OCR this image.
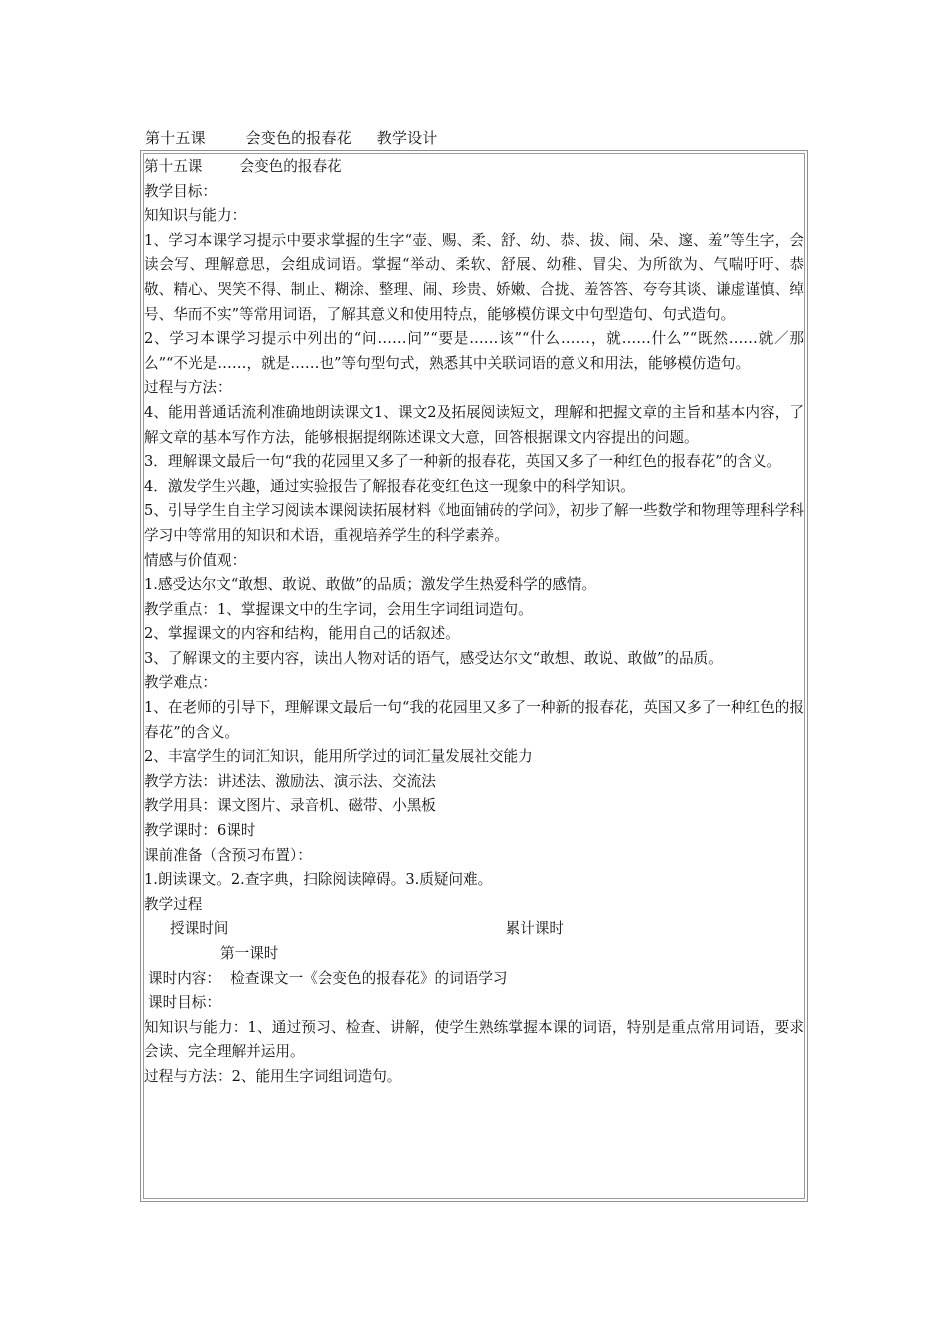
第十五课        会变色的报春花     教学设计

第十五课        会变色的报春花

教学目标：

知知识与能力：

1、学习本课学习提示中要求掌握的生字“壶、赐、柔、舒、幼、恭、拔、闹、朵、邃、羞”等生字，会读会写、理解意思，会组成词语。掌握“举动、柔软、舒展、幼稚、冒尖、为所欲为、气喘吁吁、恭敬、精心、哭笑不得、制止、糊涂、整理、闹、珍贵、娇嫩、合拢、羞答答、夸夸其谈、谦虚谨慎、绰号、华而不实”等常用词语，了解其意义和使用特点，能够模仿课文中句型造句、句式造句。

2、学习本课学习提示中列出的“问……问”“要是……该”“什么……，就……什么”“既然……就／那么”“不光是……，就是……也”等句型句式，熟悉其中关联词语的意义和用法，能够模仿造句。

过程与方法：

4、能用普通话流利准确地朗读课文1、课文2及拓展阅读短文，理解和把握文章的主旨和基本内容，了解文章的基本写作方法，能够根据提纲陈述课文大意，回答根据课文内容提出的问题。

3．理解课文最后一句“我的花园里又多了一种新的报春花，英国又多了一种红色的报春花”的含义。

4．激发学生兴趣，通过实验报告了解报春花变红色这一现象中的科学知识。

5、引导学生自主学习阅读本课阅读拓展材料《地面铺砖的学问》，初步了解一些数学和物理等理科学科学习中等常用的知识和术语，重视培养学生的科学素养。

情感与价值观：

1.感受达尔文“敢想、敢说、敢做”的品质；激发学生热爱科学的感情。

教学重点：1、掌握课文中的生字词，会用生字词组词造句。

2、掌握课文的内容和结构，能用自己的话叙述。

3、了解课文的主要内容，读出人物对话的语气，感受达尔文“敢想、敢说、敢做”的品质。

教学难点：

1、在老师的引导下，理解课文最后一句“我的花园里又多了一种新的报春花，英国又多了一种红色的报春花”的含义。

2、丰富学生的词汇知识，能用所学过的词汇量发展社交能力

教学方法：讲述法、激励法、演示法、交流法

教学用具：课文图片、录音机、磁带、小黑板

教学课时：6课时

课前准备（含预习布置）：

1.朗读课文。2.查字典，扫除阅读障碍。3.质疑问难。

教学过程

授课时间	累计课时

第一课时

课时内容：  检查课文一《会变色的报春花》的词语学习

课时目标：

知知识与能力：1、通过预习、检查、讲解，使学生熟练掌握本课的词语，特别是重点常用词语，要求会读、完全理解并运用。

过程与方法：2、能用生字词组词造句。
